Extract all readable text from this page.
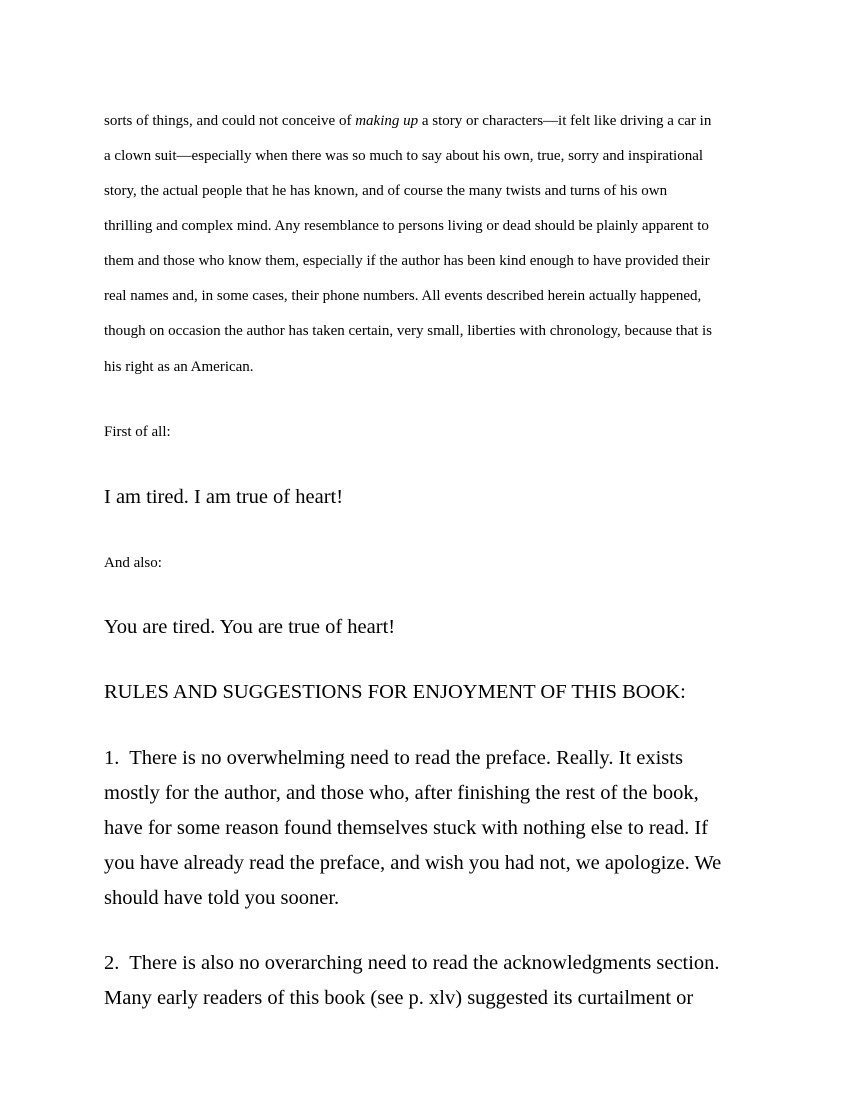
sorts of things, and could not conceive of making up a story or characters—it felt like driving a car in
a clown suit—especially when there was so much to say about his own, true, sorry and inspirational
story, the actual people that he has known, and of course the many twists and turns of his own
thrilling and complex mind. Any resemblance to persons living or dead should be plainly apparent to
them and those who know them, especially if the author has been kind enough to have provided their
real names and, in some cases, their phone numbers. All events described herein actually happened,
though on occasion the author has taken certain, very small, liberties with chronology, because that is
his right as an American.
First of all:
I am tired. I am true of heart!
And also:
You are tired. You are true of heart!
RULES AND SUGGESTIONS FOR ENJOYMENT OF THIS BOOK:
1.  There is no overwhelming need to read the preface. Really. It exists
mostly for the author, and those who, after finishing the rest of the book,
have for some reason found themselves stuck with nothing else to read. If
you have already read the preface, and wish you had not, we apologize. We
should have told you sooner.
2.  There is also no overarching need to read the acknowledgments section.
Many early readers of this book (see p. xlv) suggested its curtailment or
